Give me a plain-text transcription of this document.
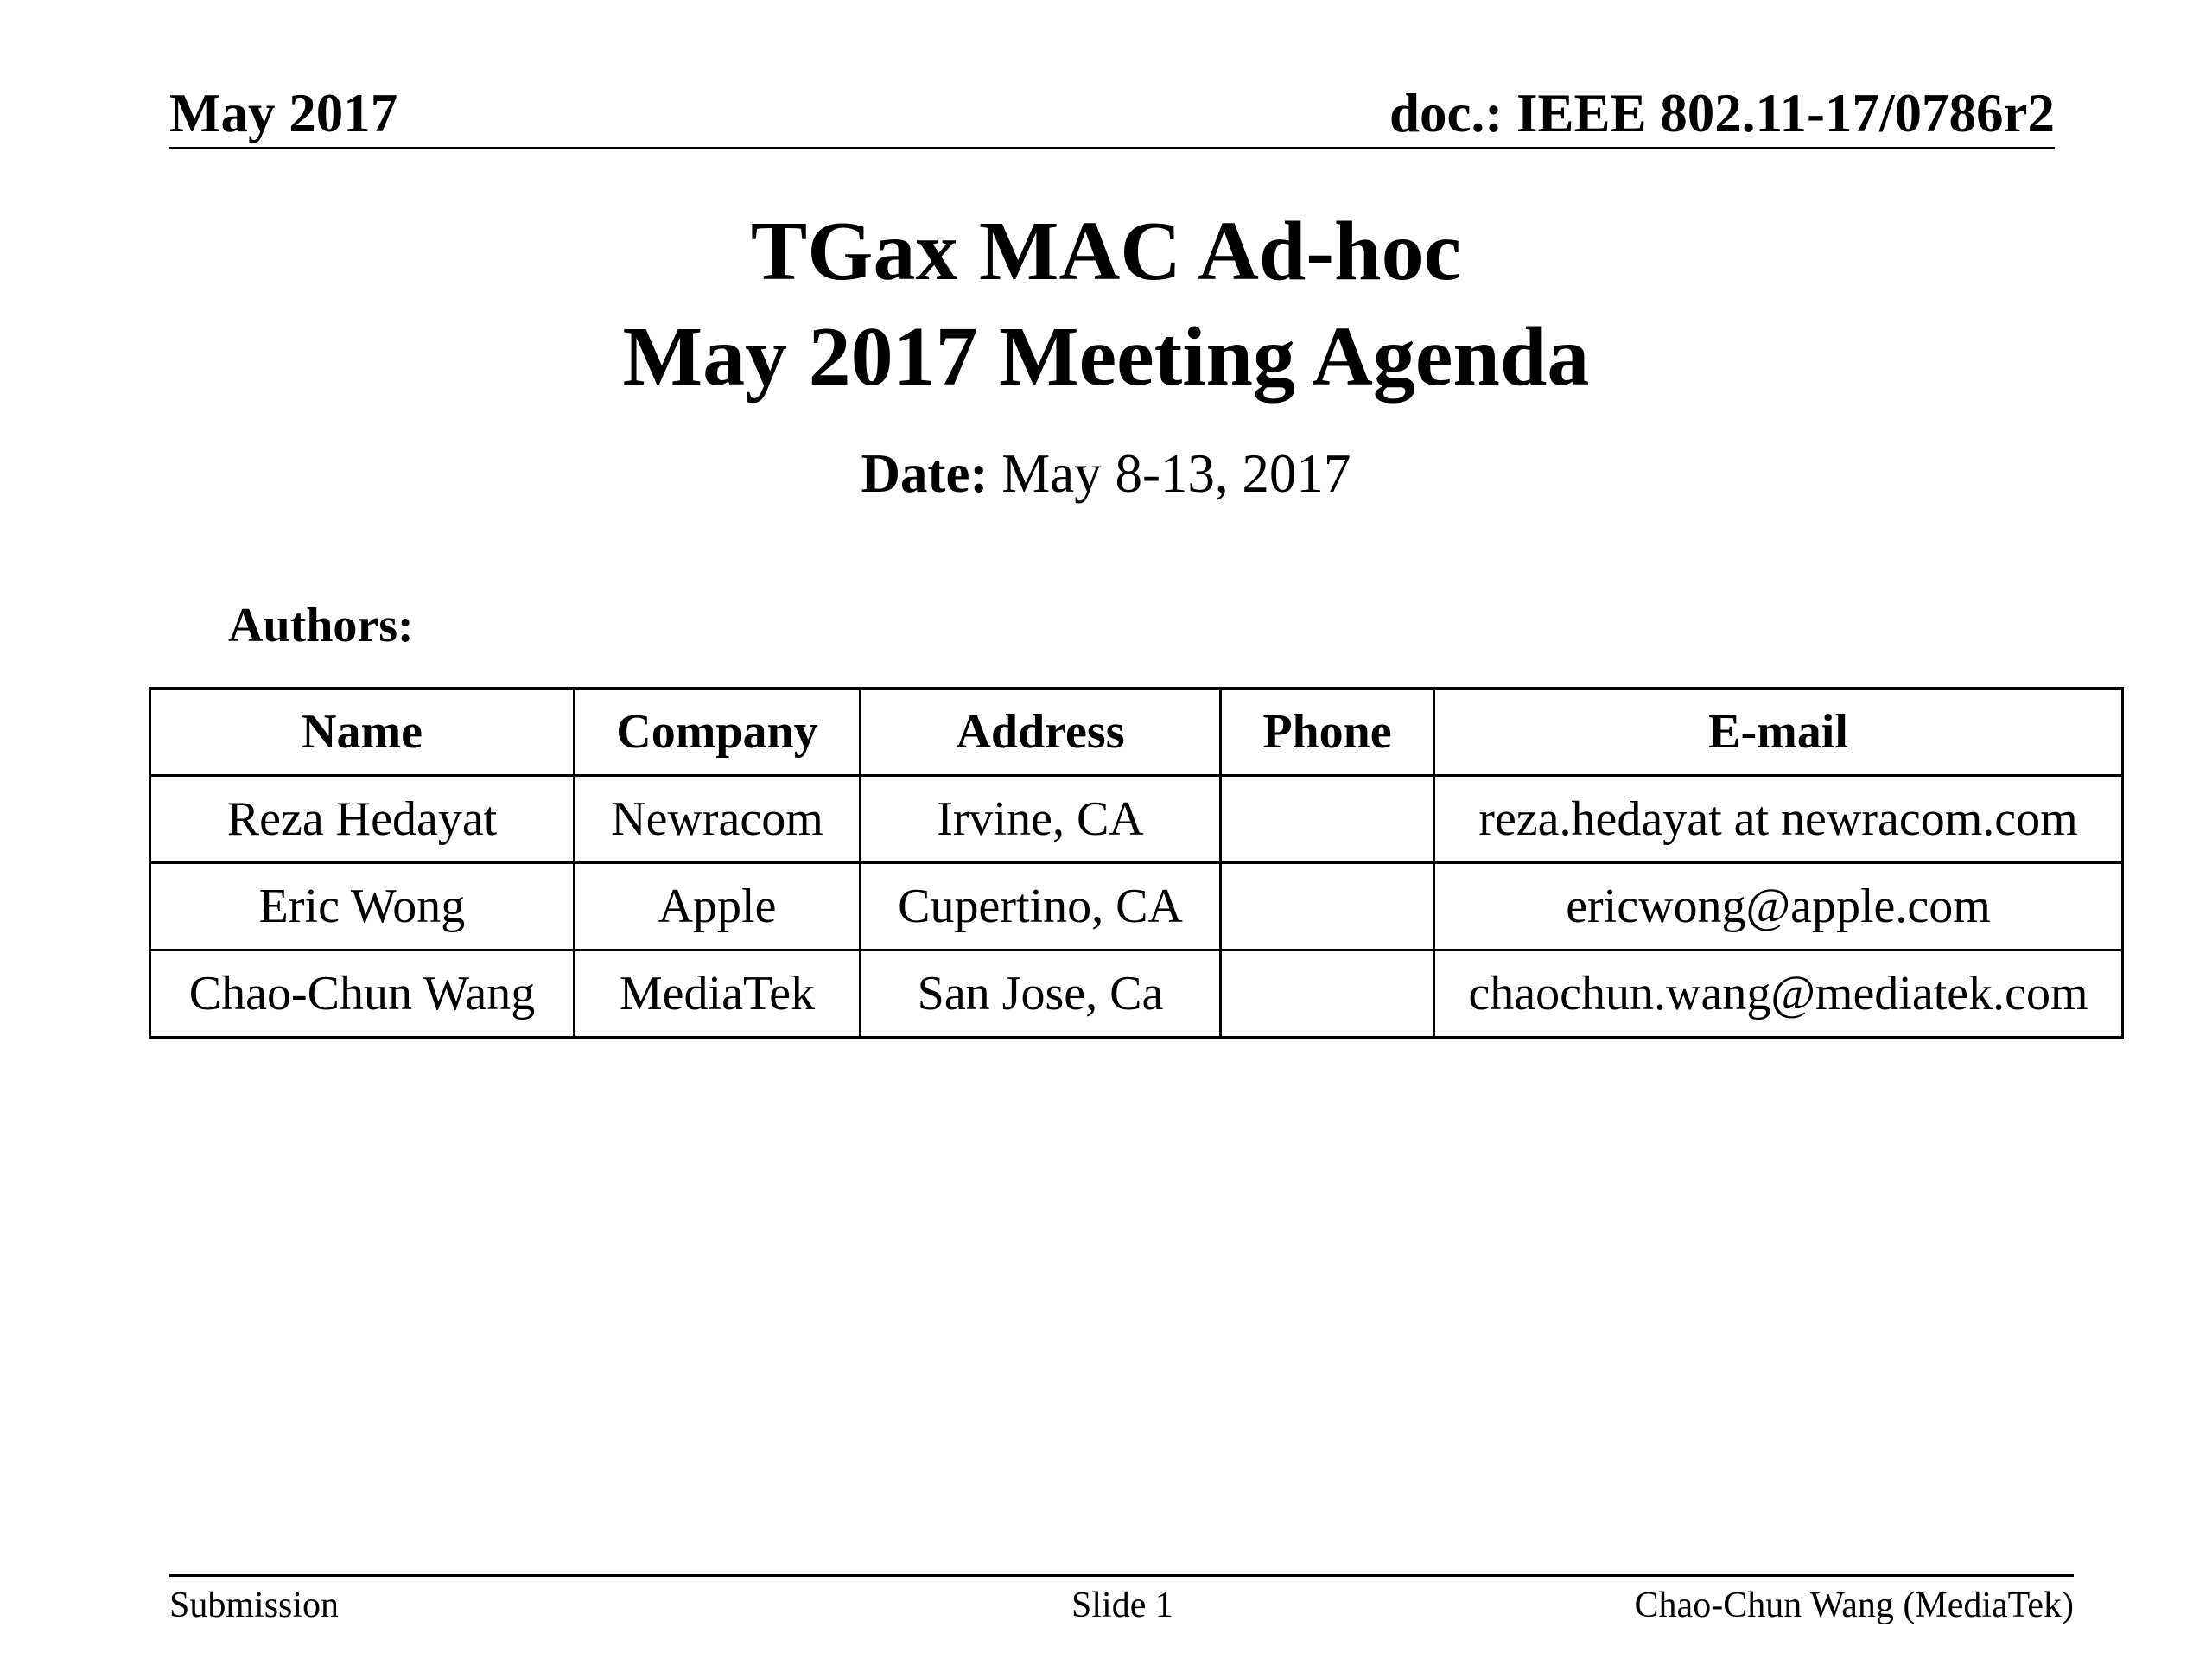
May 2017	doc.: IEEE 802.11-17/0786r2
TGax MAC Ad-hoc
May 2017 Meeting Agenda
Date: May 8-13, 2017
Authors:
Name	Company	Address	Phone	E-mail
Reza Hedayat	Newracom	Irvine, CA		reza.hedayat at newracom.com
Eric Wong	Apple	Cupertino, CA		ericwong@apple.com
Chao-Chun Wang	MediaTek	San Jose, Ca		chaochun.wang@mediatek.com
Submission	Slide 1	Chao-Chun Wang (MediaTek)
